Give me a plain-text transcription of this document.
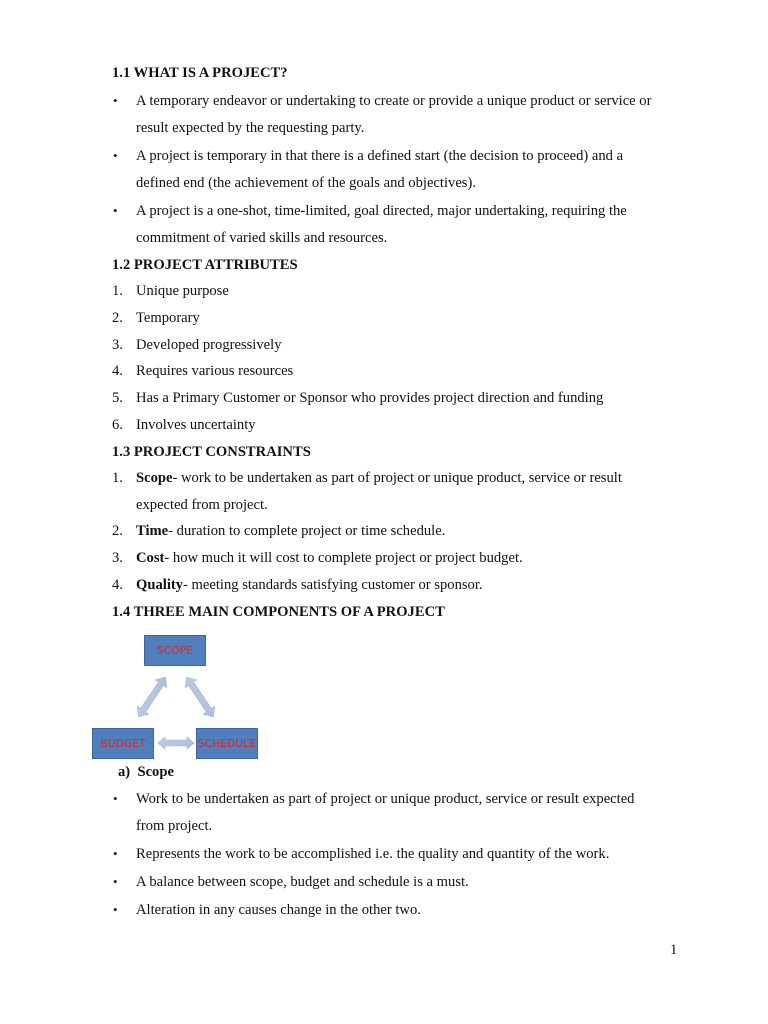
1.1 WHAT IS A PROJECT?
• A temporary endeavor or undertaking to create or provide a unique product or service or
result expected by the requesting party.
• A project is temporary in that there is a defined start (the decision to proceed) and a
defined end (the achievement of the goals and objectives).
• A project is a one-shot, time-limited, goal directed, major undertaking, requiring the
commitment of varied skills and resources.
1.2 PROJECT ATTRIBUTES
1. Unique purpose
2. Temporary
3. Developed progressively
4. Requires various resources
5. Has a Primary Customer or Sponsor who provides project direction and funding
6. Involves uncertainty
1.3 PROJECT CONSTRAINTS
1. Scope- work to be undertaken as part of project or unique product, service or result
expected from project.
2. Time- duration to complete project or time schedule.
3. Cost- how much it will cost to complete project or project budget.
4. Quality- meeting standards satisfying customer or sponsor.
1.4 THREE MAIN COMPONENTS OF A PROJECT
SCOPE
BUDGET	SCHEDULE
a)  Scope
• Work to be undertaken as part of project or unique product, service or result expected
from project.
• Represents the work to be accomplished i.e. the quality and quantity of the work.
• A balance between scope, budget and schedule is a must.
• Alteration in any causes change in the other two.
1
